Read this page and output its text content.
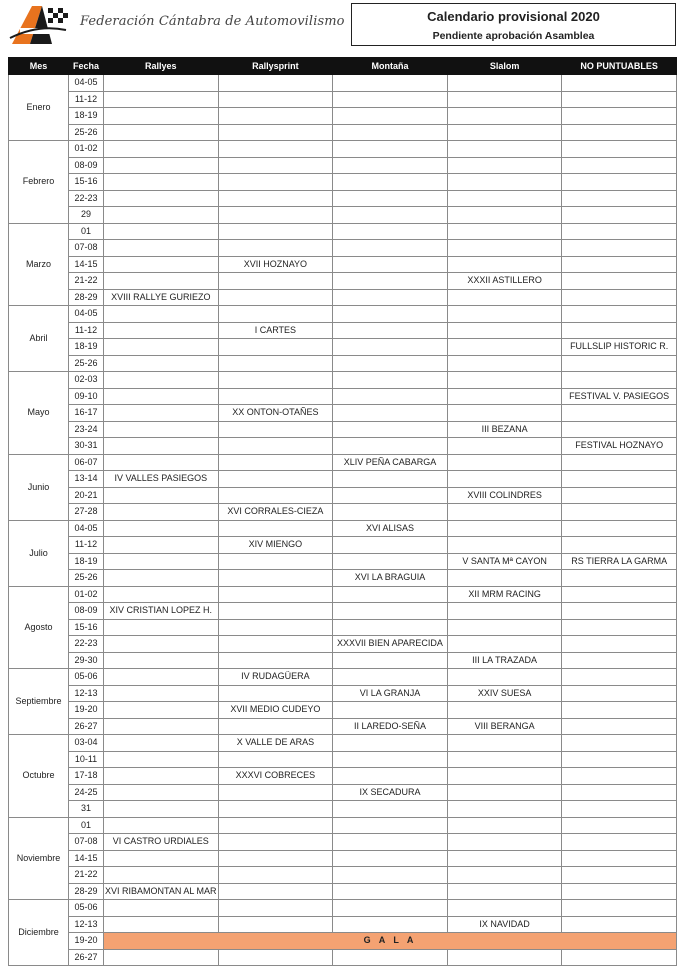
Federación Cántabra de Automovilismo	Calendario provisional 2020
Pendiente aprobación Asamblea
Mes	Fecha	Rallyes	Rallysprint	Montaña	Slalom	NO PUNTUABLES
Enero	04-05					
	11-12					
	18-19					
	25-26					
Febrero	01-02					
	08-09					
	15-16					
	22-23					
	29					
Marzo	01					
	07-08					
	14-15		XVII HOZNAYO			
	21-22				XXXII ASTILLERO	
	28-29	XVIII RALLYE GURIEZO				
Abril	04-05					
	11-12		I CARTES			
	18-19					FULLSLIP HISTORIC R.
	25-26					
Mayo	02-03					
	09-10					FESTIVAL V. PASIEGOS
	16-17		XX ONTON-OTAÑES			
	23-24				III BEZANA	
	30-31					FESTIVAL HOZNAYO
Junio	06-07			XLIV PEÑA CABARGA		
	13-14	IV VALLES PASIEGOS				
	20-21				XVIII COLINDRES	
	27-28		XVI CORRALES-CIEZA			
Julio	04-05			XVI ALISAS		
	11-12		XIV MIENGO			
	18-19				V SANTA Mª CAYON	RS TIERRA LA GARMA
	25-26			XVI LA BRAGUIA		
Agosto	01-02				XII MRM RACING	
	08-09	XIV CRISTIAN LOPEZ H.				
	15-16					
	22-23			XXXVII BIEN APARECIDA		
	29-30				III LA TRAZADA	
Septiembre	05-06		IV RUDAGÜERA			
	12-13			VI LA GRANJA	XXIV SUESA	
	19-20		XVII MEDIO CUDEYO			
	26-27			II LAREDO-SEÑA	VIII BERANGA	
Octubre	03-04		X VALLE DE ARAS			
	10-11					
	17-18		XXXVI COBRECES			
	24-25			IX SECADURA		
	31					
Noviembre	01					
	07-08	VI CASTRO URDIALES				
	14-15					
	21-22					
	28-29	XVI RIBAMONTAN AL MAR				
Diciembre	05-06					
	12-13				IX NAVIDAD	
	19-20	G A L A				
	26-27					
